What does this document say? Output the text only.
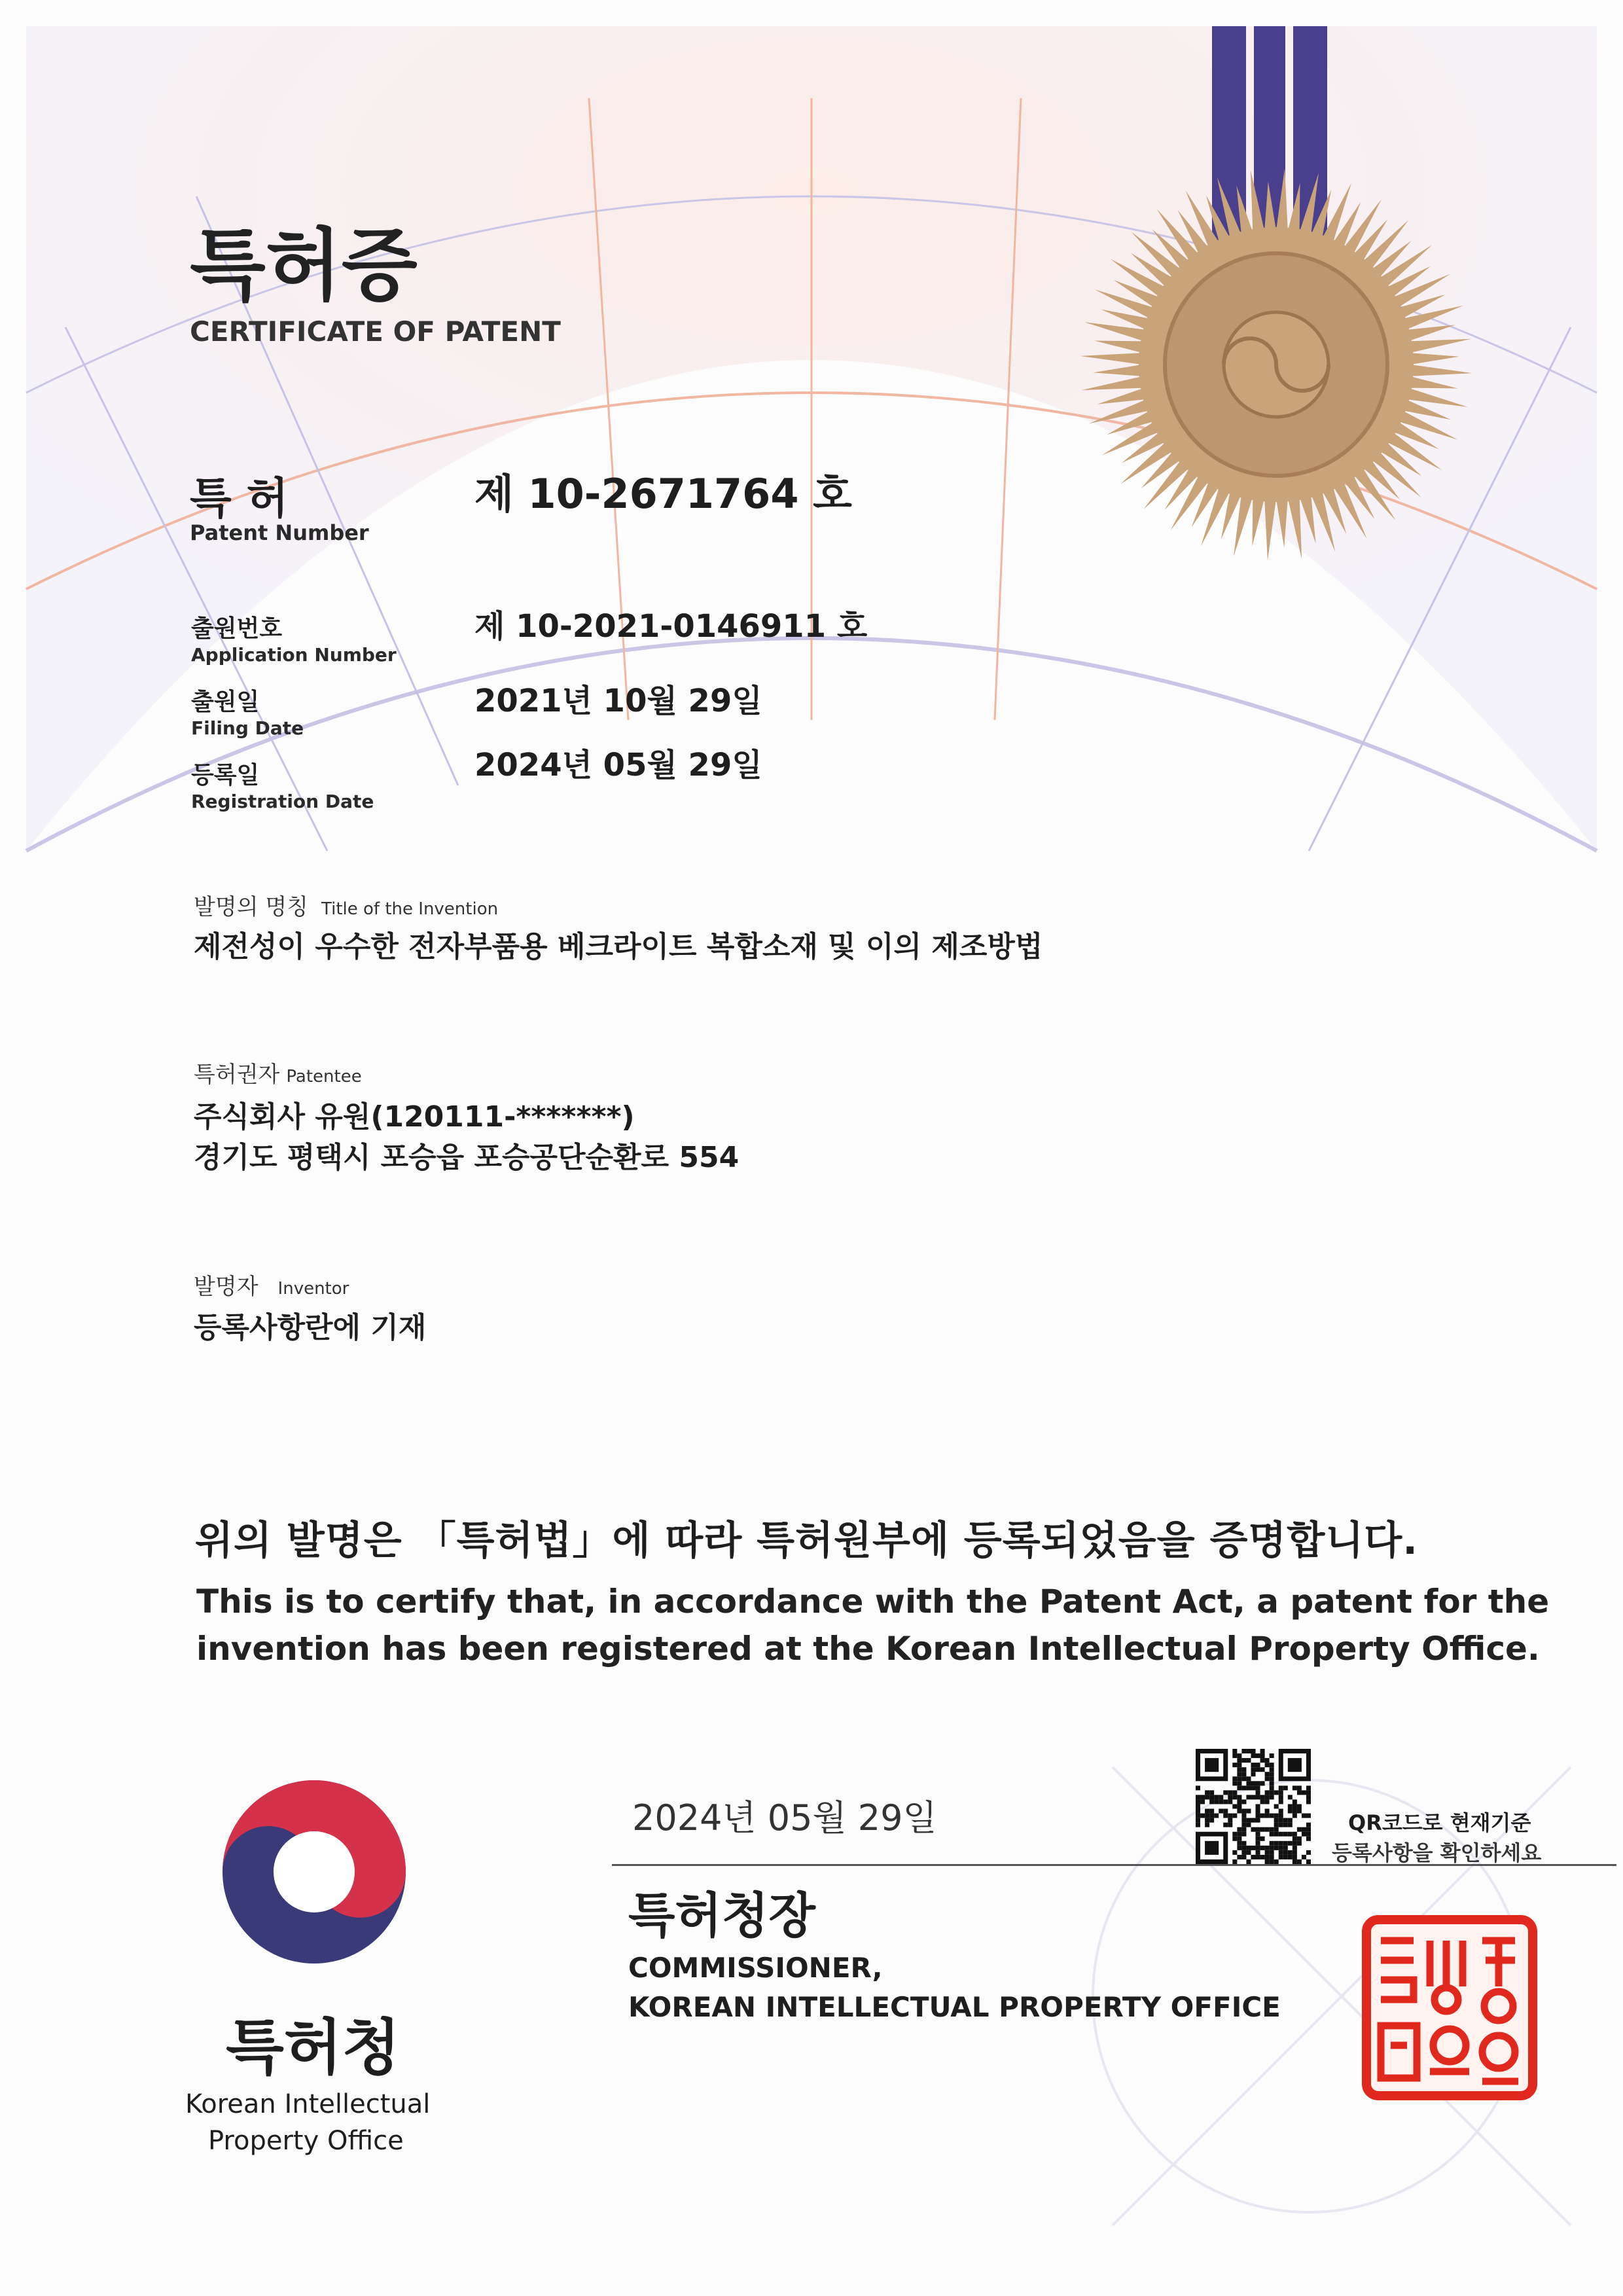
특허증
CERTIFICATE OF PATENT
특 허
Patent Number
제 10-2671764 호
출원번호
Application Number
제 10-2021-0146911 호
출원일
Filing Date
2021년 10월 29일
등록일
Registration Date
2024년 05월 29일
발명의 명칭 Title of the Invention
제전성이 우수한 전자부품용 베크라이트 복합소재 및 이의 제조방법
특허권자 Patentee
주식회사 유원(120111-*******)
경기도 평택시 포승읍 포승공단순환로 554
발명자 Inventor
등록사항란에 기재
위의 발명은 「특허법」에 따라 특허원부에 등록되었음을 증명합니다.
This is to certify that, in accordance with the Patent Act, a patent for the
invention has been registered at the Korean Intellectual Property Office.
2024년 05월 29일
특허청장
COMMISSIONER,
KOREAN INTELLECTUAL PROPERTY OFFICE
QR코드로 현재기준
등록사항을 확인하세요
특허청
Korean Intellectual
Property Office
